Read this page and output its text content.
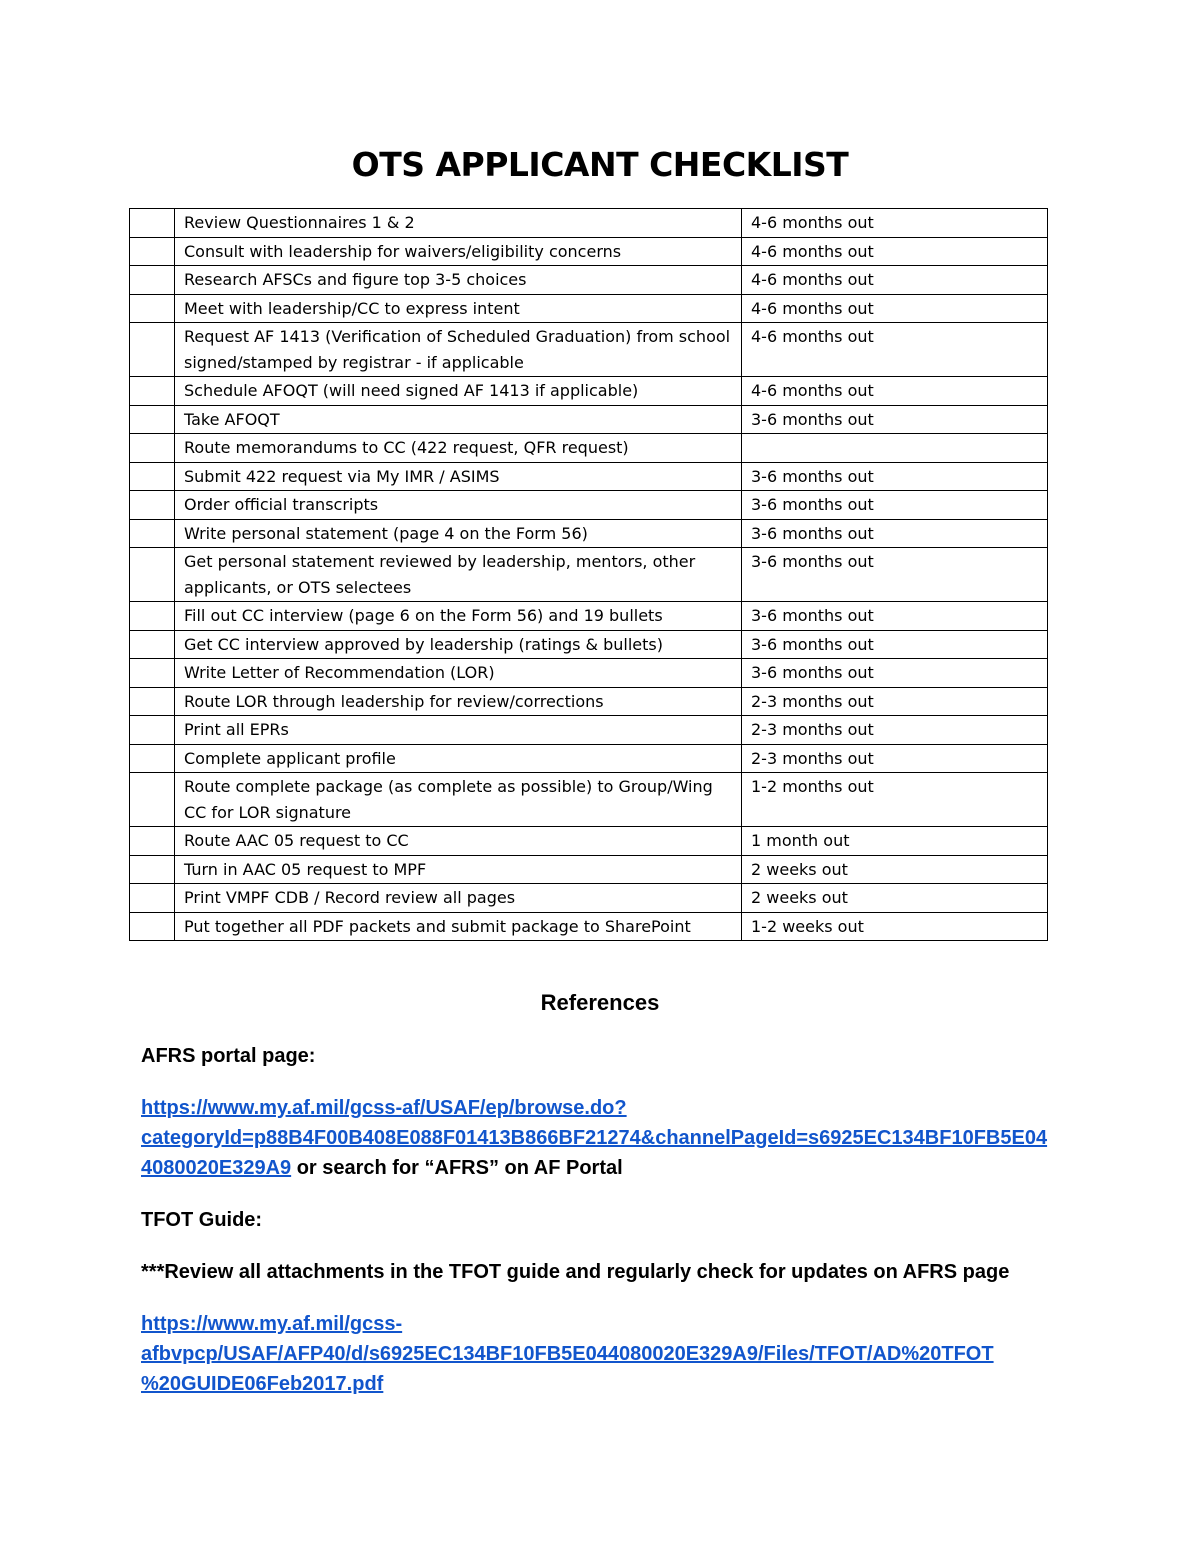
OTS APPLICANT CHECKLIST
	Review Questionnaires 1 & 2	4-6 months out
	Consult with leadership for waivers/eligibility concerns	4-6 months out
	Research AFSCs and figure top 3-5 choices	4-6 months out
	Meet with leadership/CC to express intent	4-6 months out
	Request AF 1413 (Verification of Scheduled Graduation) from school signed/stamped by registrar - if applicable	4-6 months out
	Schedule AFOQT (will need signed AF 1413 if applicable)	4-6 months out
	Take AFOQT	3-6 months out
	Route memorandums to CC (422 request, QFR request)	
	Submit 422 request via My IMR / ASIMS	3-6 months out
	Order official transcripts	3-6 months out
	Write personal statement (page 4 on the Form 56)	3-6 months out
	Get personal statement reviewed by leadership, mentors, other applicants, or OTS selectees	3-6 months out
	Fill out CC interview (page 6 on the Form 56) and 19 bullets	3-6 months out
	Get CC interview approved by leadership (ratings & bullets)	3-6 months out
	Write Letter of Recommendation (LOR)	3-6 months out
	Route LOR through leadership for review/corrections	2-3 months out
	Print all EPRs	2-3 months out
	Complete applicant profile	2-3 months out
	Route complete package (as complete as possible) to Group/Wing CC for LOR signature	1-2 months out
	Route AAC 05 request to CC	1 month out
	Turn in AAC 05 request to MPF	2 weeks out
	Print VMPF CDB / Record review all pages	2 weeks out
	Put together all PDF packets and submit package to SharePoint	1-2 weeks out
References

AFRS portal page:

https://www.my.af.mil/gcss-af/USAF/ep/browse.do?
categoryId=p88B4F00B408E088F01413B866BF21274&channelPageId=s6925EC134BF10FB5E04
4080020E329A9 or search for “AFRS” on AF Portal

TFOT Guide:

***Review all attachments in the TFOT guide and regularly check for updates on AFRS page

https://www.my.af.mil/gcss-
afbvpcp/USAF/AFP40/d/s6925EC134BF10FB5E044080020E329A9/Files/TFOT/AD%20TFOT
%20GUIDE06Feb2017.pdf
